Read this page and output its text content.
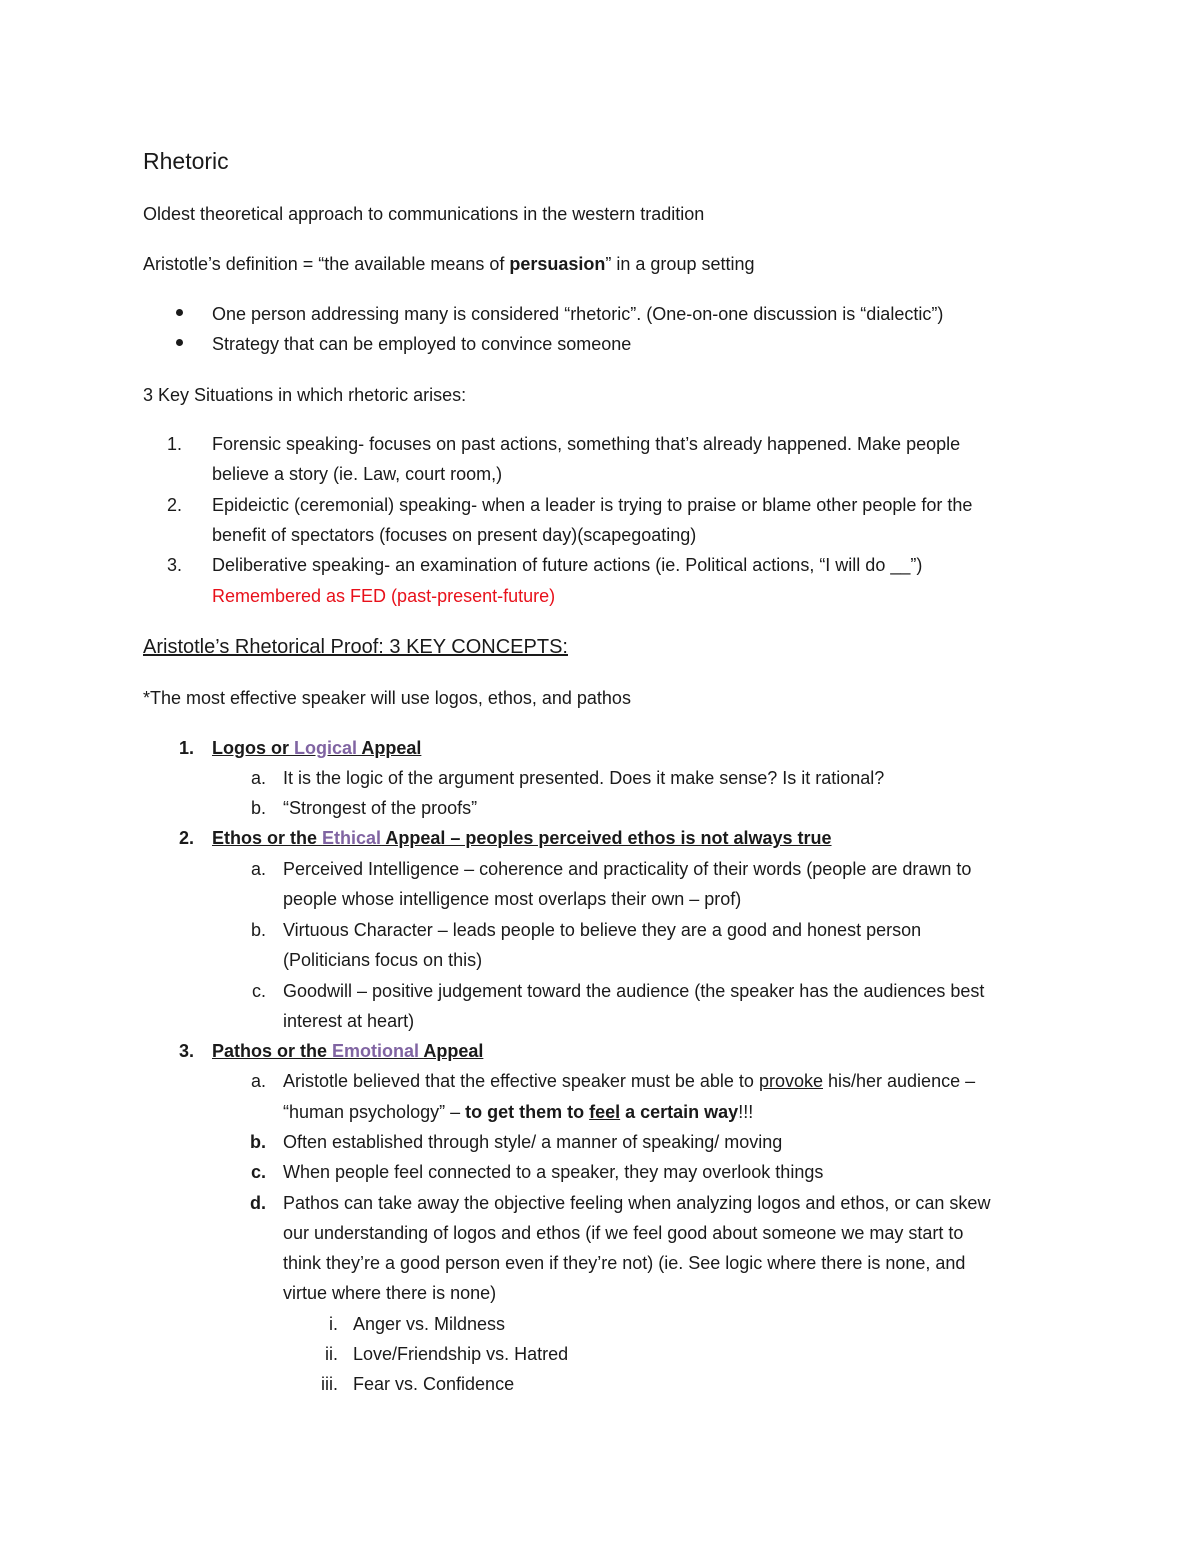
Rhetoric
Oldest theoretical approach to communications in the western tradition
Aristotle’s definition = “the available means of persuasion” in a group setting
One person addressing many is considered “rhetoric”. (One-on-one discussion is “dialectic”)
Strategy that can be employed to convince someone
3 Key Situations in which rhetoric arises:
1. Forensic speaking- focuses on past actions, something that’s already happened. Make people
believe a story (ie. Law, court room,)
2. Epideictic (ceremonial) speaking- when a leader is trying to praise or blame other people for the
benefit of spectators (focuses on present day)(scapegoating)
3. Deliberative speaking- an examination of future actions (ie. Political actions, “I will do __”)
Remembered as FED (past-present-future)
Aristotle’s Rhetorical Proof: 3 KEY CONCEPTS:
*The most effective speaker will use logos, ethos, and pathos
1. Logos or Logical Appeal
a. It is the logic of the argument presented. Does it make sense? Is it rational?
b. “Strongest of the proofs”
2. Ethos or the Ethical Appeal – peoples perceived ethos is not always true
a. Perceived Intelligence – coherence and practicality of their words (people are drawn to
people whose intelligence most overlaps their own – prof)
b. Virtuous Character – leads people to believe they are a good and honest person
(Politicians focus on this)
c. Goodwill – positive judgement toward the audience (the speaker has the audiences best
interest at heart)
3. Pathos or the Emotional Appeal
a. Aristotle believed that the effective speaker must be able to provoke his/her audience –
“human psychology” – to get them to feel a certain way!!!
b. Often established through style/ a manner of speaking/ moving
c. When people feel connected to a speaker, they may overlook things
d. Pathos can take away the objective feeling when analyzing logos and ethos, or can skew
our understanding of logos and ethos (if we feel good about someone we may start to
think they’re a good person even if they’re not) (ie. See logic where there is none, and
virtue where there is none)
i. Anger vs. Mildness
ii. Love/Friendship vs. Hatred
iii. Fear vs. Confidence
